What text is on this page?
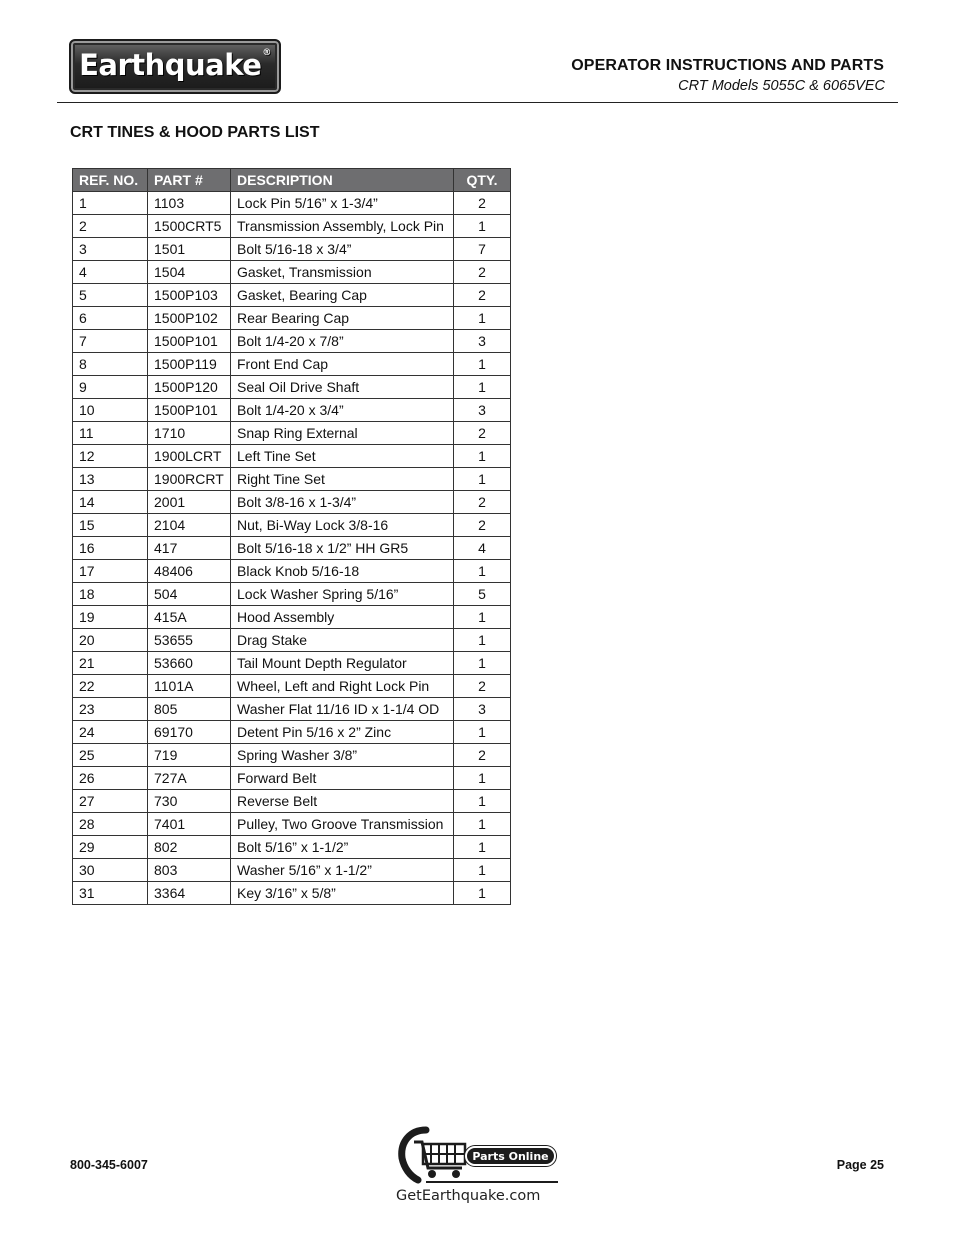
Earthquake®
OPERATOR INSTRUCTIONS AND PARTS
CRT Models 5055C & 6065VEC
CRT TINES & HOOD PARTS LIST
REF. NO.	PART #	DESCRIPTION	QTY.
1	1103	Lock Pin 5/16” x 1-3/4”	2
2	1500CRT5	Transmission Assembly, Lock Pin	1
3	1501	Bolt 5/16-18 x 3/4”	7
4	1504	Gasket, Transmission	2
5	1500P103	Gasket, Bearing Cap	2
6	1500P102	Rear Bearing Cap	1
7	1500P101	Bolt 1/4-20 x 7/8”	3
8	1500P119	Front End Cap	1
9	1500P120	Seal Oil Drive Shaft	1
10	1500P101	Bolt 1/4-20 x 3/4”	3
11	1710	Snap Ring External	2
12	1900LCRT	Left Tine Set	1
13	1900RCRT	Right Tine Set	1
14	2001	Bolt 3/8-16 x 1-3/4”	2
15	2104	Nut, Bi-Way Lock 3/8-16	2
16	417	Bolt 5/16-18 x 1/2” HH GR5	4
17	48406	Black Knob 5/16-18	1
18	504	Lock Washer Spring 5/16”	5
19	415A	Hood Assembly	1
20	53655	Drag Stake	1
21	53660	Tail Mount Depth Regulator	1
22	1101A	Wheel, Left and Right Lock Pin	2
23	805	Washer Flat 11/16 ID x 1-1/4 OD	3
24	69170	Detent Pin 5/16 x 2” Zinc	1
25	719	Spring Washer 3/8”	2
26	727A	Forward Belt	1
27	730	Reverse Belt	1
28	7401	Pulley, Two Groove Transmission	1
29	802	Bolt 5/16” x 1-1/2”	1
30	803	Washer 5/16” x 1-1/2”	1
31	3364	Key 3/16” x 5/8”	1
800-345-6007	Page 25
Parts Online
GetEarthquake.com
